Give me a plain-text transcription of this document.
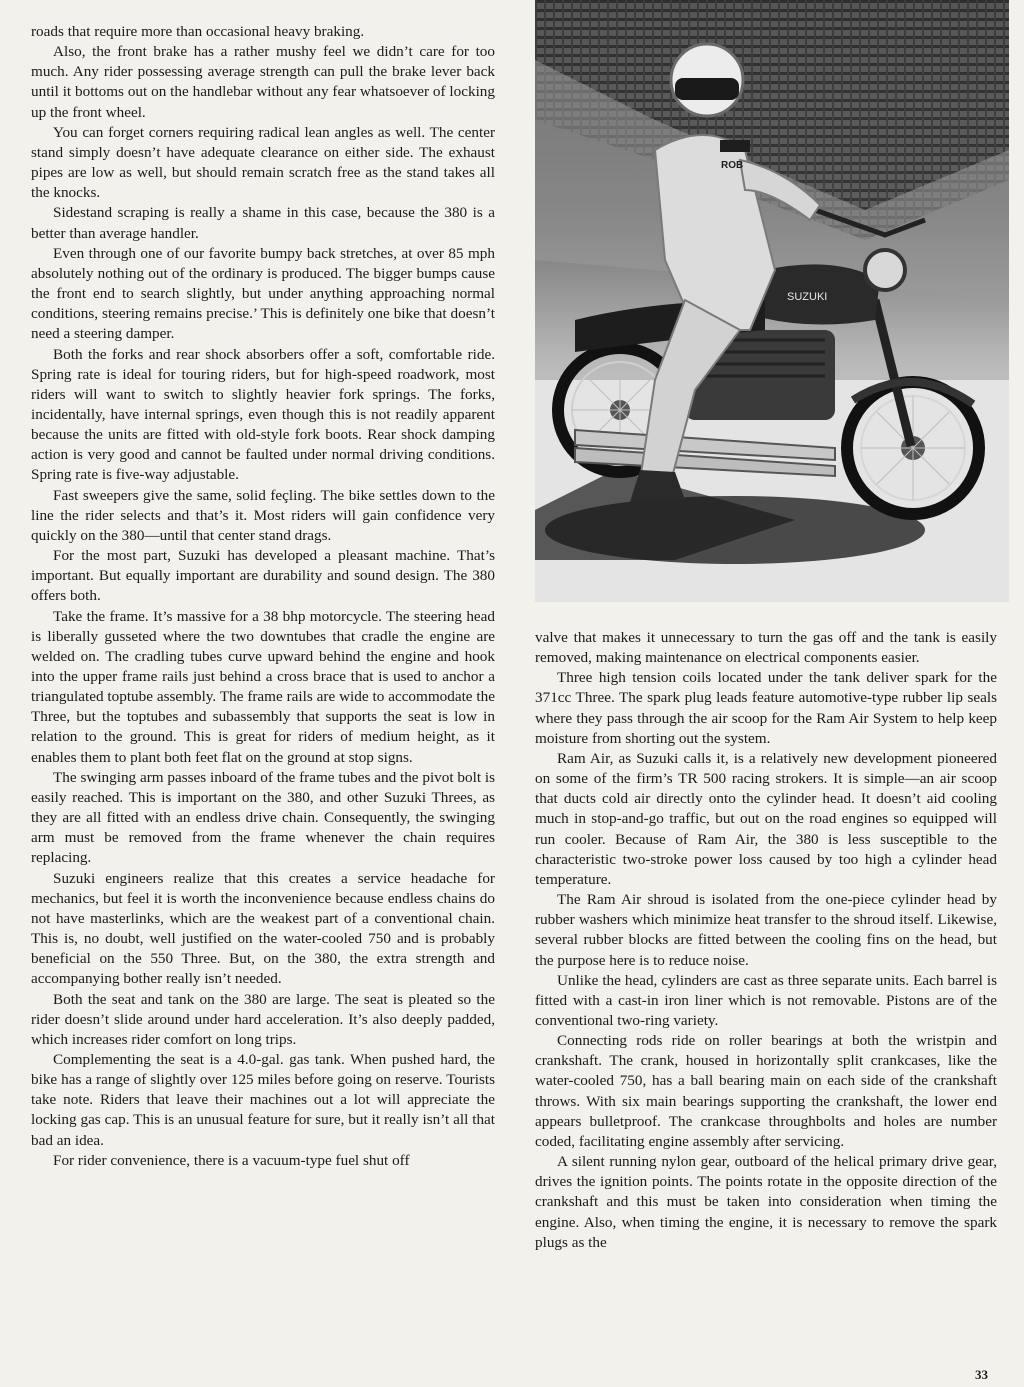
roads that require more than occasional heavy braking.

Also, the front brake has a rather mushy feel we didn’t care for too much. Any rider possessing average strength can pull the brake lever back until it bottoms out on the handlebar without any fear whatsoever of locking up the front wheel.

You can forget corners requiring radical lean angles as well. The center stand simply doesn’t have adequate clearance on either side. The exhaust pipes are low as well, but should remain scratch free as the stand takes all the knocks.

Sidestand scraping is really a shame in this case, because the 380 is a better than average handler.

Even through one of our favorite bumpy back stretches, at over 85 mph absolutely nothing out of the ordinary is produced. The bigger bumps cause the front end to search slightly, but under anything approaching normal conditions, steering remains precise.’ This is definitely one bike that doesn’t need a steering damper.

Both the forks and rear shock absorbers offer a soft, comfortable ride. Spring rate is ideal for touring riders, but for high-speed roadwork, most riders will want to switch to slightly heavier fork springs. The forks, incidentally, have internal springs, even though this is not readily apparent because the units are fitted with old-style fork boots. Rear shock damping action is very good and cannot be faulted under normal driving conditions. Spring rate is five-way adjustable.

Fast sweepers give the same, solid feçling. The bike settles down to the line the rider selects and that’s it. Most riders will gain confidence very quickly on the 380—until that center stand drags.

For the most part, Suzuki has developed a pleasant machine. That’s important. But equally important are durability and sound design. The 380 offers both.

Take the frame. It’s massive for a 38 bhp motorcycle. The steering head is liberally gusseted where the two downtubes that cradle the engine are welded on. The cradling tubes curve upward behind the engine and hook into the upper frame rails just behind a cross brace that is used to anchor a triangulated toptube assembly. The frame rails are wide to accommodate the Three, but the toptubes and subassembly that supports the seat is low in relation to the ground. This is great for riders of medium height, as it enables them to plant both feet flat on the ground at stop signs.

The swinging arm passes inboard of the frame tubes and the pivot bolt is easily reached. This is important on the 380, and other Suzuki Threes, as they are all fitted with an endless drive chain. Consequently, the swinging arm must be removed from the frame whenever the chain requires replacing.

Suzuki engineers realize that this creates a service headache for mechanics, but feel it is worth the inconvenience because endless chains do not have masterlinks, which are the weakest part of a conventional chain. This is, no doubt, well justified on the water-cooled 750 and is probably beneficial on the 550 Three. But, on the 380, the extra strength and accompanying bother really isn’t needed.

Both the seat and tank on the 380 are large. The seat is pleated so the rider doesn’t slide around under hard acceleration. It’s also deeply padded, which increases rider comfort on long trips.

Complementing the seat is a 4.0-gal. gas tank. When pushed hard, the bike has a range of slightly over 125 miles before going on reserve. Tourists take note. Riders that leave their machines out a lot will appreciate the locking gas cap. This is an unusual feature for sure, but it really isn’t all that bad an idea.

For rider convenience, there is a vacuum-type fuel shut off

SUZUKI
ROB

valve that makes it unnecessary to turn the gas off and the tank is easily removed, making maintenance on electrical components easier.

Three high tension coils located under the tank deliver spark for the 371cc Three. The spark plug leads feature automotive-type rubber lip seals where they pass through the air scoop for the Ram Air System to help keep moisture from shorting out the system.

Ram Air, as Suzuki calls it, is a relatively new development pioneered on some of the firm’s TR 500 racing strokers. It is simple—an air scoop that ducts cold air directly onto the cylinder head. It doesn’t aid cooling much in stop-and-go traffic, but out on the road engines so equipped will run cooler. Because of Ram Air, the 380 is less susceptible to the characteristic two-stroke power loss caused by too high a cylinder head temperature.

The Ram Air shroud is isolated from the one-piece cylinder head by rubber washers which minimize heat transfer to the shroud itself. Likewise, several rubber blocks are fitted between the cooling fins on the head, but the purpose here is to reduce noise.

Unlike the head, cylinders are cast as three separate units. Each barrel is fitted with a cast-in iron liner which is not removable. Pistons are of the conventional two-ring variety.

Connecting rods ride on roller bearings at both the wristpin and crankshaft. The crank, housed in horizontally split crankcases, like the water-cooled 750, has a ball bearing main on each side of the crankshaft throws. With six main bearings supporting the crankshaft, the lower end appears bulletproof. The crankcase throughbolts and holes are number coded, facilitating engine assembly after servicing.

A silent running nylon gear, outboard of the helical primary drive gear, drives the ignition points. The points rotate in the opposite direction of the crankshaft and this must be taken into consideration when timing the engine. Also, when timing the engine, it is necessary to remove the spark plugs as the

33
